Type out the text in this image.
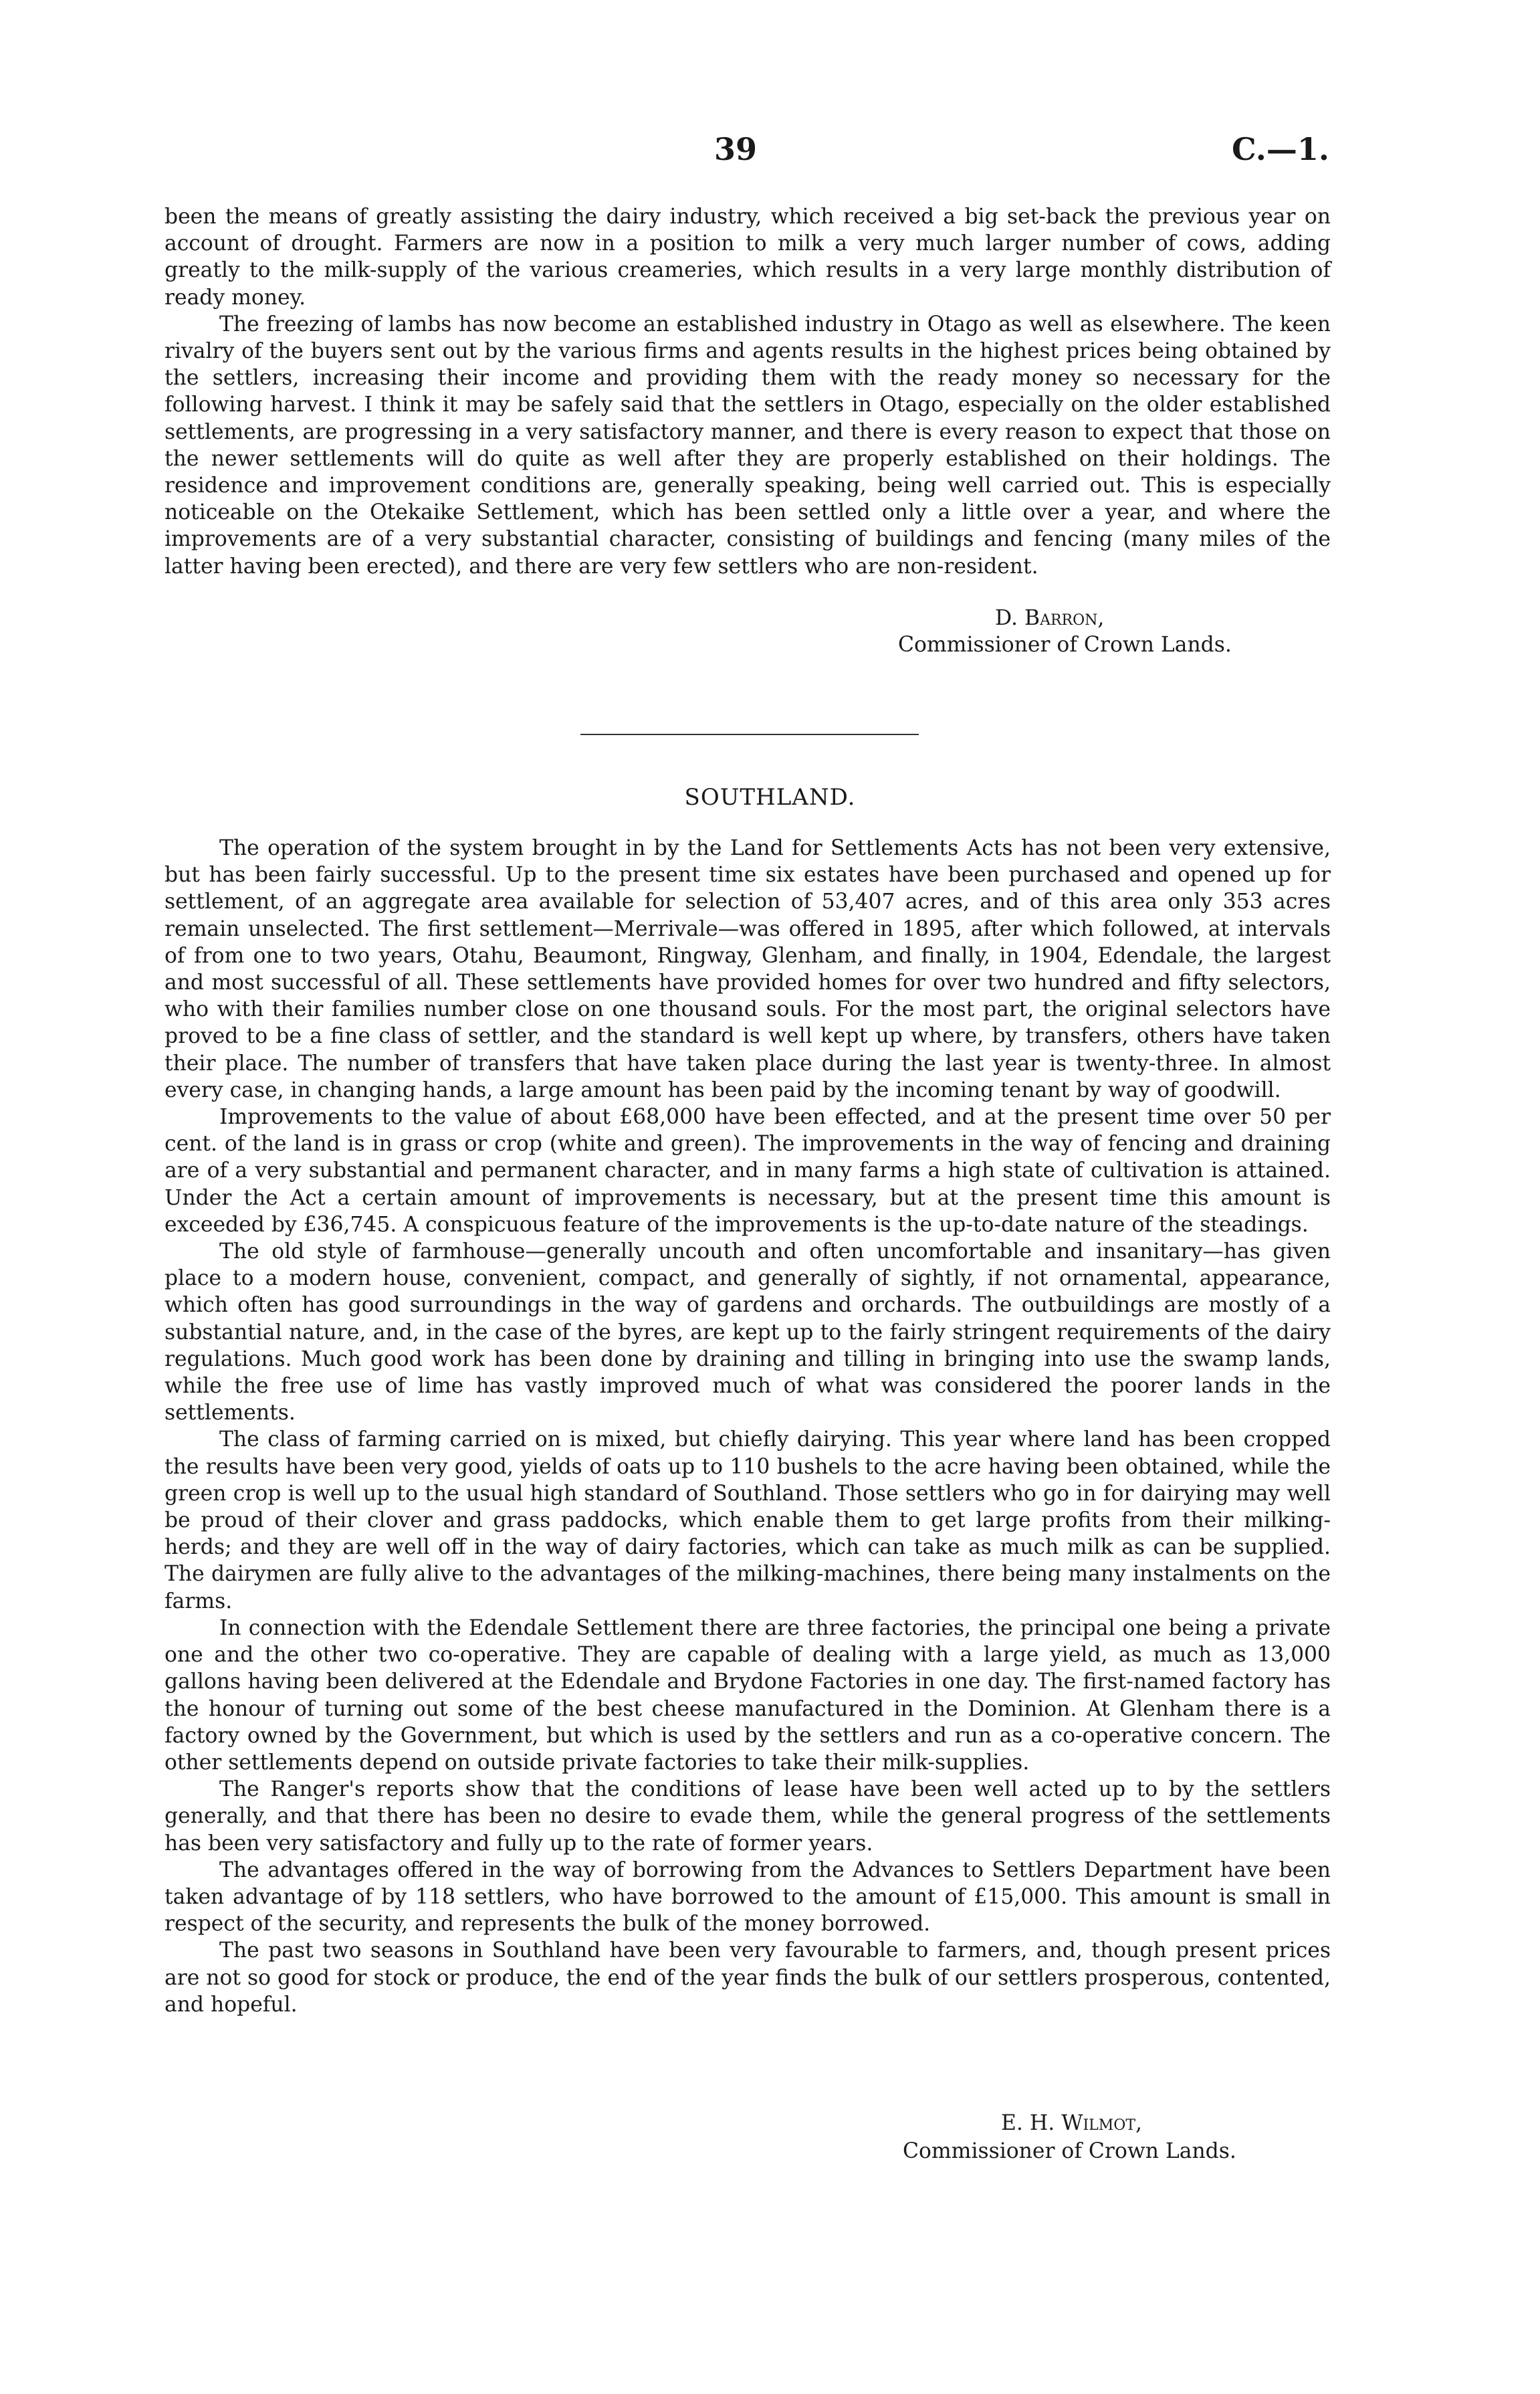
39	C.—1.

been the means of greatly assisting the dairy industry, which received a big set-back the previous year on account of drought. Farmers are now in a position to milk a very much larger number of cows, adding greatly to the milk-supply of the various creameries, which results in a very large monthly distribution of ready money.

The freezing of lambs has now become an established industry in Otago as well as elsewhere. The keen rivalry of the buyers sent out by the various firms and agents results in the highest prices being obtained by the settlers, increasing their income and providing them with the ready money so necessary for the following harvest. I think it may be safely said that the settlers in Otago, especially on the older established settlements, are progressing in a very satisfactory manner, and there is every reason to expect that those on the newer settlements will do quite as well after they are properly established on their holdings. The residence and improvement conditions are, generally speaking, being well carried out. This is especially noticeable on the Otekaike Settlement, which has been settled only a little over a year, and where the improvements are of a very substantial character, consisting of buildings and fencing (many miles of the latter having been erected), and there are very few settlers who are non-resident.

D. Barron,
Commissioner of Crown Lands.
SOUTHLAND.

The operation of the system brought in by the Land for Settlements Acts has not been very extensive, but has been fairly successful. Up to the present time six estates have been purchased and opened up for settlement, of an aggregate area available for selection of 53,407 acres, and of this area only 353 acres remain unselected. The first settlement—Merrivale—was offered in 1895, after which followed, at intervals of from one to two years, Otahu, Beaumont, Ringway, Glenham, and finally, in 1904, Edendale, the largest and most successful of all. These settlements have provided homes for over two hundred and fifty selectors, who with their families number close on one thousand souls. For the most part, the original selectors have proved to be a fine class of settler, and the standard is well kept up where, by transfers, others have taken their place. The number of transfers that have taken place during the last year is twenty-three. In almost every case, in changing hands, a large amount has been paid by the incoming tenant by way of goodwill.

Improvements to the value of about £68,000 have been effected, and at the present time over 50 per cent. of the land is in grass or crop (white and green). The improvements in the way of fencing and draining are of a very substantial and permanent character, and in many farms a high state of cultivation is attained. Under the Act a certain amount of improvements is necessary, but at the present time this amount is exceeded by £36,745. A conspicuous feature of the improvements is the up-to-date nature of the steadings.

The old style of farmhouse—generally uncouth and often uncomfortable and insanitary—has given place to a modern house, convenient, compact, and generally of sightly, if not ornamental, appearance, which often has good surroundings in the way of gardens and orchards. The outbuildings are mostly of a substantial nature, and, in the case of the byres, are kept up to the fairly stringent requirements of the dairy regulations. Much good work has been done by draining and tilling in bringing into use the swamp lands, while the free use of lime has vastly improved much of what was considered the poorer lands in the settlements.

The class of farming carried on is mixed, but chiefly dairying. This year where land has been cropped the results have been very good, yields of oats up to 110 bushels to the acre having been obtained, while the green crop is well up to the usual high standard of Southland. Those settlers who go in for dairying may well be proud of their clover and grass paddocks, which enable them to get large profits from their milking-herds; and they are well off in the way of dairy factories, which can take as much milk as can be supplied. The dairymen are fully alive to the advantages of the milking-machines, there being many instalments on the farms.

In connection with the Edendale Settlement there are three factories, the principal one being a private one and the other two co-operative. They are capable of dealing with a large yield, as much as 13,000 gallons having been delivered at the Edendale and Brydone Factories in one day. The first-named factory has the honour of turning out some of the best cheese manufactured in the Dominion. At Glenham there is a factory owned by the Government, but which is used by the settlers and run as a co-operative concern. The other settlements depend on outside private factories to take their milk-supplies.

The Ranger's reports show that the conditions of lease have been well acted up to by the settlers generally, and that there has been no desire to evade them, while the general progress of the settlements has been very satisfactory and fully up to the rate of former years.

The advantages offered in the way of borrowing from the Advances to Settlers Department have been taken advantage of by 118 settlers, who have borrowed to the amount of £15,000. This amount is small in respect of the security, and represents the bulk of the money borrowed.

The past two seasons in Southland have been very favourable to farmers, and, though present prices are not so good for stock or produce, the end of the year finds the bulk of our settlers prosperous, contented, and hopeful.

E. H. Wilmot,
Commissioner of Crown Lands.
